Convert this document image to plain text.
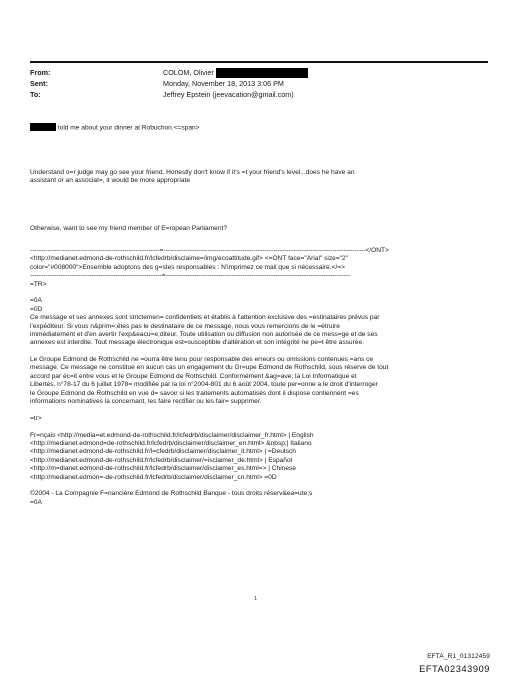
From:	COLOM, Olivier
Sent:	Monday, November 18, 2013 3:06 PM
To:	Jeffrey Epstein (jeevacation@gmail.com)
told me about your dinner at Robuchon.<=span>
Understand o=r judge may go see your friend. Honestly don't know if it's =t your friend's level...does he have an
assistant or an associat=, it would be more appropriate
Otherwise, want to see my friend member of E=ropean Parliament?
-----------------------------------------------------------=--------------------------------------------------------------------------------------------</ONT>
<http://medianet.edmond-de-rothschild.fr/lcfedrb/disclaime=/img/ecoattitude.gif> <=ONT face="Arial" size="2"
color="#008000">Ensemble adoptons des g=stes responsables : N'imprimez ce mail que si nécessaire.</=>
------------------------------------------------------------=------------------------------------------------------------------------------------
=TR>
=0A
=0D
Ce message et ses annexes sont strictemen= confidentiels et établis à l'attention exclusive des =estinataires prévus par
l'expéditeur. Si vous n&prim=;êtes pas le destinataire de ce message, nous vous remercions de le =étruire
immédiatement et d'en avertir l'exp&eacu=e;diteur. Toute utilisation ou diffusion non autorisée de ce mess=ge et de ses
annexes est interdite. Tout message électronique est=susceptible d'altération et son intégrité ne pe=t être assurée.
Le Groupe Edmond de Rothschild ne =ourra être tenu pour responsable des erreurs ou omissions contenues =ans ce
message. Ce message ne constitue en aucun cas un engagement du Gr=upe Edmond de Rothschild, sous réserve de tout
accord par éc=it entre vous et le Groupe Edmond de Rothschild. Conformément &ag=ave; la Loi Informatique et
Libertés, n°78-17 du 6 juillet 1978= modifiée par la loi n°2004-801 du 6 août 2004, toute per=onne a le droit d'interroger
le Groupe Edmond de Rothschild en vue d= savoir si les traitements automatisés dont il dispose contiennent =es
informations nominatives la concernant, les faire rectifier ou les fair= supprimer.
=tr>
Fr=nçais <http://media=et.edmond-de-rothschild.fr/lcfedrb/disclaimer/disclaimer_fr.html> | English
<http://medianet.edmond=de-rothschild.fr/lcfedrb/disclaimer/disclaimer_en.html> &nbsp;| Italiano
<http://medianet.edmond-de-rothschild.fr/l=cfedrb/disclaimer/disclaimer_it.html> | =Deutsch
<http://medianet.edmond-de-rothschild.fr/lcfedrb/disclaimer/=isclaimer_de.html> | Español
<http://m=dianet.edmond-de-rothschild.fr/lcfedrb/disclaimer/disclaimer_es.html=> | Chinese
<http://medianet.edmon=-de-rothschild.fr/lcfedrb/disclaimer/disclaimer_cn.html> =0D
©2004 - La Compagnie F=nancière Edmond de Rothschild Banque - tous droits réserv&ea=ute;s
=0A
1
EFTA_R1_01312459
EFTA02343909
